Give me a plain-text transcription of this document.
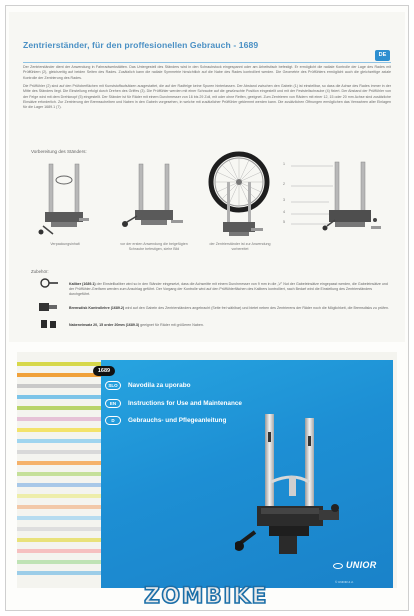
Zentrierständer, für den proffesionellen Gebrauch - 1689
DE

Der Zentrierständer dient der Anwendung in Fahrradwerkstätten. Das Untergestell des Ständers wird in den Schraubstock eingespannt oder am Arbeitstisch befestigt. Er ermöglicht die radiale Kontrolle der Lage des Rades mit Prüffühlern (2), gleichzeitig auf beiden Seiten des Rades. Zusätzlich kann die radiale Symmetrie hinsichtlich auf die Nabe des Rades kontrolliert werden. Die Geometrie des Prüffühlers ermöglicht auch die gleichzeitige axiale Kontrolle der Zentrierung des Rades.

Die Prüffühler (2) sind auf den Prüfoberflächen mit Kunststoffaufsätzen ausgestattet, die auf der Radfelge keine Spuren hinterlassen. Der Abstand zwischen den Gabeln (1) ist einstellbar, so dass die Achse des Rades immer in der Mitte des Ständers liegt. Die Einstellung erfolgt durch Drehen des Griffes (3). Die Prüffühler werden mit einer Schraube auf die gewünschte Position eingestellt und mit der Feststellschraube (4) fixiert. Der Abstand der Prüffühler von der Felge wird mit dem Drehknopf (5) eingestellt. Der Ständer ist für Räder mit einem Durchmesser von 16 bis 29 Zoll, mit oder ohne Reifen, geeignet. Zum Zentrieren von Rädern mit einer 12, 15 oder 20 mm Achse sind zusätzliche Einsätze erforderlich. Zur Zentrierung der Bremsscheiben und Naben in den Gabeln vorgesehen, in welche mit zusätzlicher Prüffühler geklemmt werden kann. Die zusätzlichen Öffnungen ermöglichen das Verwahren aller Einlagen für die Lager 1689.1 (7).

Vorbereitung des Ständers:
Verpackungsinhalt	vor der ersten Anwendung die beigefügten Schraube befestigen, siehe Bild
der Zentrierständer ist zur Anwendung vorbereitet
1
2
3
4
5
Zubehör:

Kaliber (1689.1) der Einstellkaliber wird so in den Ständer eingesetzt, dass die Achsmitte mit einem Durchmesser von 9 mm in die „V" Nut der Gabeleinsätze eingepasst werden, die Gabeleinsätze und der Prüffühler-Greifarm werden zum Anschlag geführt. Der Vorgang der Kontrolle wird auf den Prüffühlerflächen des Kalibers kontrolliert, nach Bedarf wird die Einstellung des Zentrierständers durchgeführt.

Bremsdisk Kontrollehre (1689.2) wird auf den Gabeln des Zentrierständers angebracht (Seite frei wählbar) und bietet neben des Zentrierens der Räder noch die Möglichkeit, die Bremsdisks zu prüfen.

Nabeneinsatz 20, 15 order 20mm (1689.3) geeignet für Räder mit größeren Naben.

1689
SLO	Navodila za uporabo
EN	Instructions for Use and Maintenance
D	Gebrauchs- und Pflegeanleitung
UNIOR
© UNIOR d.d.
ZOMBIKE
